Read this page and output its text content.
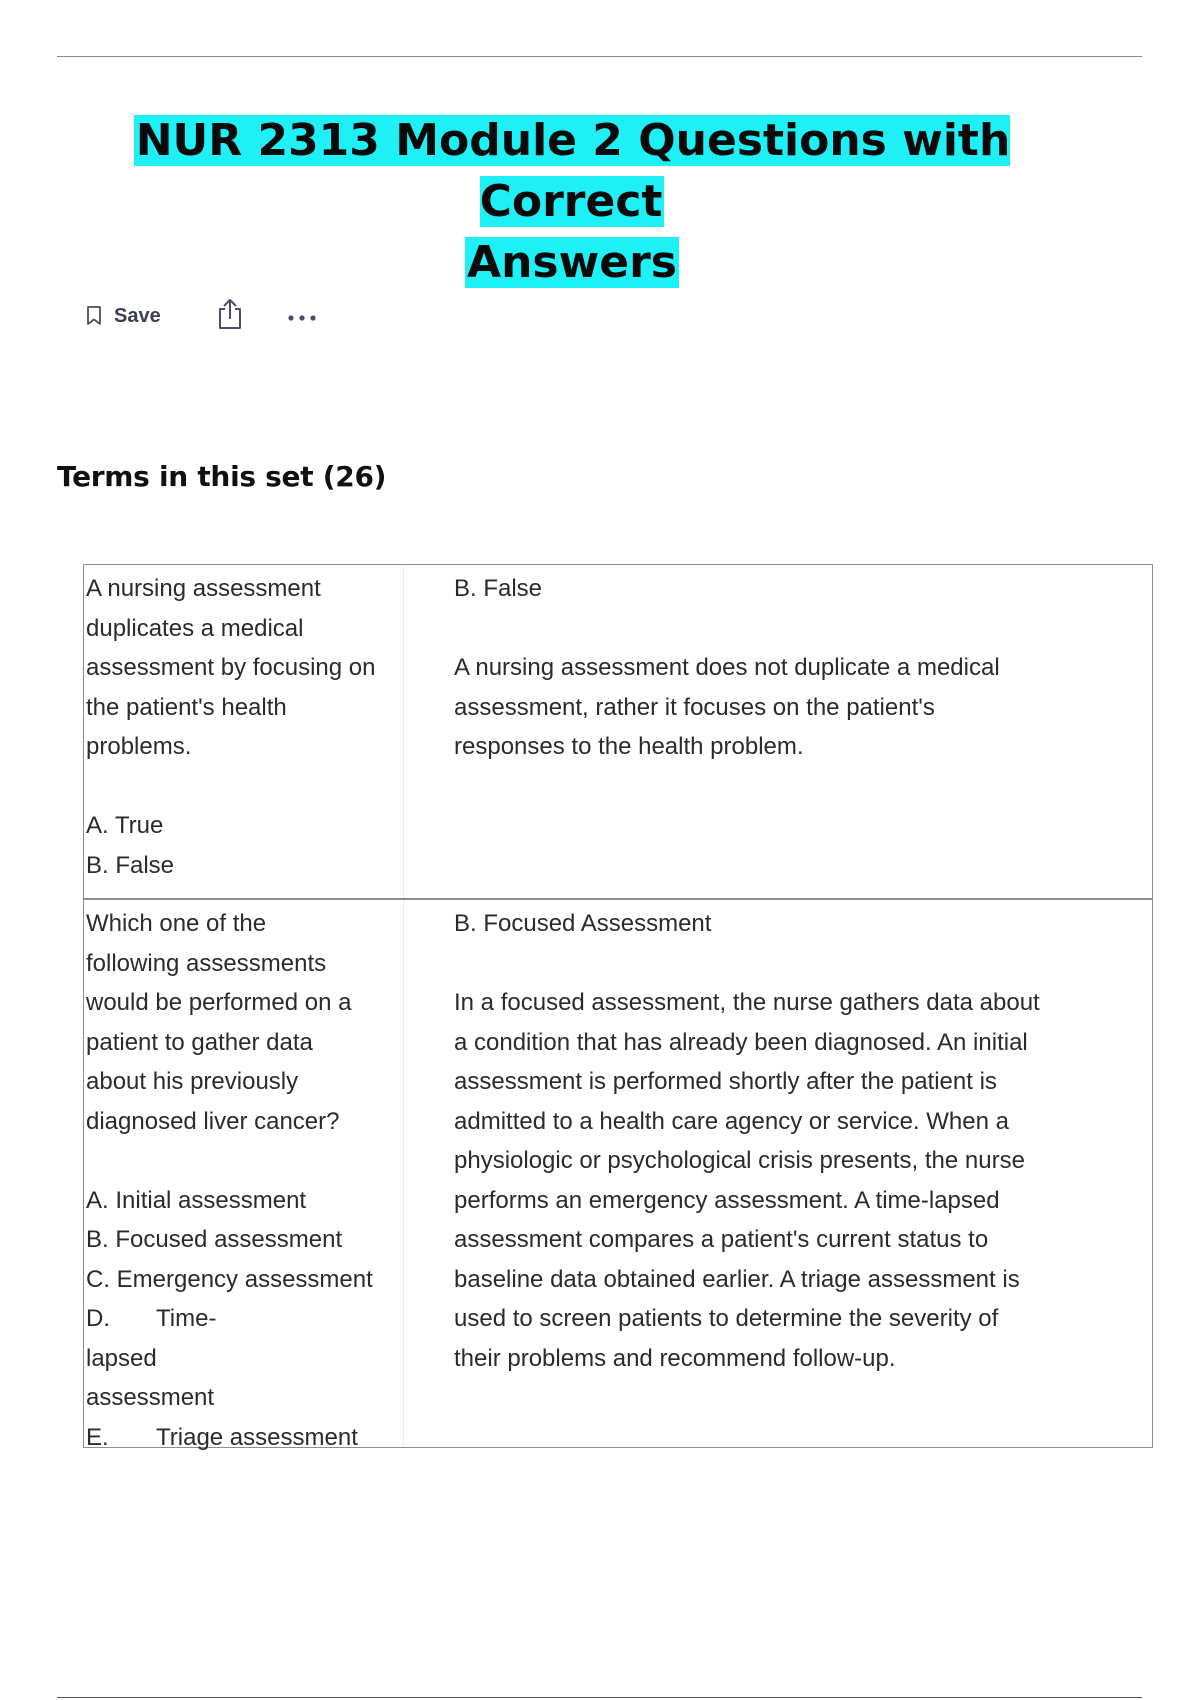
NUR 2313 Module 2 Questions with Correct
Answers
Save
Terms in this set (26)
A nursing assessment
duplicates a medical
assessment by focusing on
the patient's health
problems.
A. True
B. False
B. False
A nursing assessment does not duplicate a medical
assessment, rather it focuses on the patient's
responses to the health problem.
Which one of the
following assessments
would be performed on a
patient to gather data
about his previously
diagnosed liver cancer?
A. Initial assessment
B. Focused assessment
C. Emergency assessment
D. Time-
lapsed
assessment
E. Triage assessment
B. Focused Assessment
In a focused assessment, the nurse gathers data about
a condition that has already been diagnosed. An initial
assessment is performed shortly after the patient is
admitted to a health care agency or service. When a
physiologic or psychological crisis presents, the nurse
performs an emergency assessment. A time-lapsed
assessment compares a patient's current status to
baseline data obtained earlier. A triage assessment is
used to screen patients to determine the severity of
their problems and recommend follow-up.
